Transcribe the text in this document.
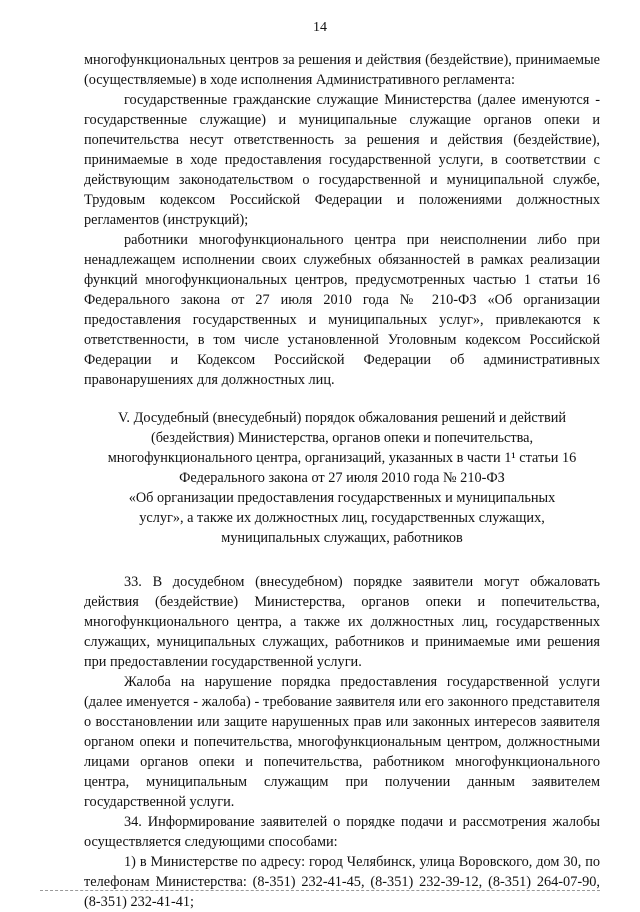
14

многофункциональных центров за решения и действия (бездействие), принимаемые (осуществляемые) в ходе исполнения Административного регламента:

государственные гражданские служащие Министерства (далее именуются - государственные служащие) и муниципальные служащие органов опеки и попечительства несут ответственность за решения и действия (бездействие), принимаемые в ходе предоставления государственной услуги, в соответствии с действующим законодательством о государственной и муниципальной службе, Трудовым кодексом Российской Федерации и положениями должностных регламентов (инструкций);

работники многофункционального центра при неисполнении либо при ненадлежащем исполнении своих служебных обязанностей в рамках реализации функций многофункциональных центров, предусмотренных частью 1 статьи 16 Федерального закона от 27 июля 2010 года № 210-ФЗ «Об организации предоставления государственных и муниципальных услуг», привлекаются к ответственности, в том числе установленной Уголовным кодексом Российской Федерации и Кодексом Российской Федерации об административных правонарушениях для должностных лиц.

V. Досудебный (внесудебный) порядок обжалования решений и действий
(бездействия) Министерства, органов опеки и попечительства,
многофункционального центра, организаций, указанных в части 1¹ статьи 16
Федерального закона от 27 июля 2010 года № 210-ФЗ
«Об организации предоставления государственных и муниципальных
услуг», а также их должностных лиц, государственных служащих,
муниципальных служащих, работников

33. В досудебном (внесудебном) порядке заявители могут обжаловать действия (бездействие) Министерства, органов опеки и попечительства, многофункционального центра, а также их должностных лиц, государственных служащих, муниципальных служащих, работников и принимаемые ими решения при предоставлении государственной услуги.

Жалоба на нарушение порядка предоставления государственной услуги (далее именуется - жалоба) - требование заявителя или его законного представителя о восстановлении или защите нарушенных прав или законных интересов заявителя органом опеки и попечительства, многофункциональным центром, должностными лицами органов опеки и попечительства, работником многофункционального центра, муниципальным служащим при получении данным заявителем государственной услуги.

34. Информирование заявителей о порядке подачи и рассмотрения жалобы осуществляется следующими способами:

1) в Министерстве по адресу: город Челябинск, улица Воровского, дом 30, по телефонам Министерства: (8-351) 232-41-45, (8-351) 232-39-12, (8-351) 264-07-90, (8-351) 232-41-41;
